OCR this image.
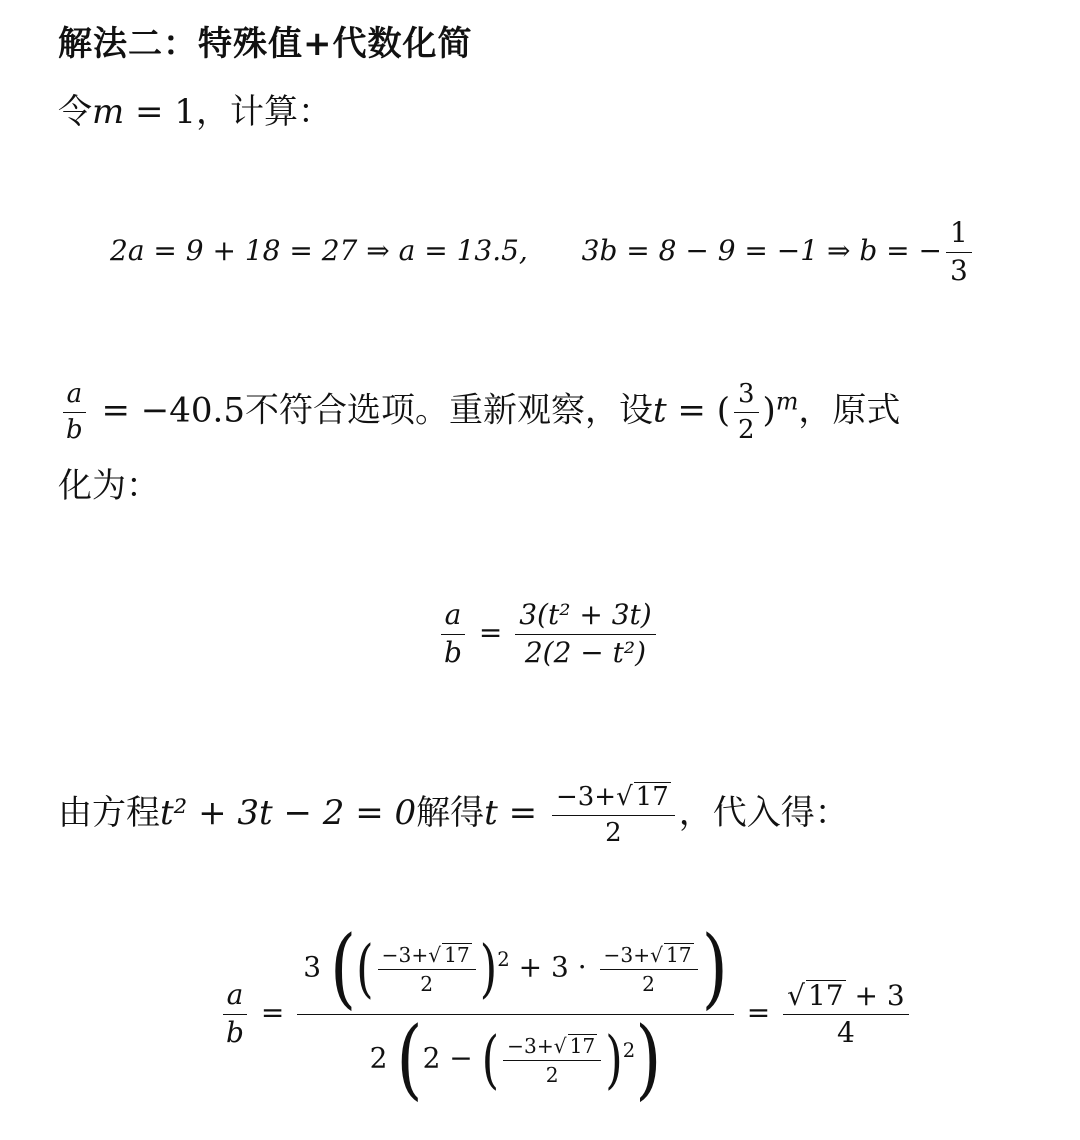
解法二：特殊值+代数化简
令m = 1，计算：
2a = 9 + 18 = 27 ⇒ a = 13.5, 3b = 8 − 9 = −1 ⇒ b = − $\frac{1}{3}$
$\frac{a}{b} = -40.5$不符合选项。重新观察，设t = ( $\frac{3}{2} )^m$，原式
化为：
$\frac{a}{b} = \frac{\text{3(t² + 3t)}}{\text{2(2 − t²)}}$
由方程t² + 3t − 2 = 0解得$t = \frac{-3+√ 17}{2}$ ，代入得：
$\frac{a}{b} = \frac{3 (( \frac{-3+√ 17}{2} )^2 + 3 \cdot \frac{-3+√ 17}{2} )}{2 (2 - ( \frac{-3+√ 17}{2} )^2)} = \frac{√ 17 + 3}{4}$
